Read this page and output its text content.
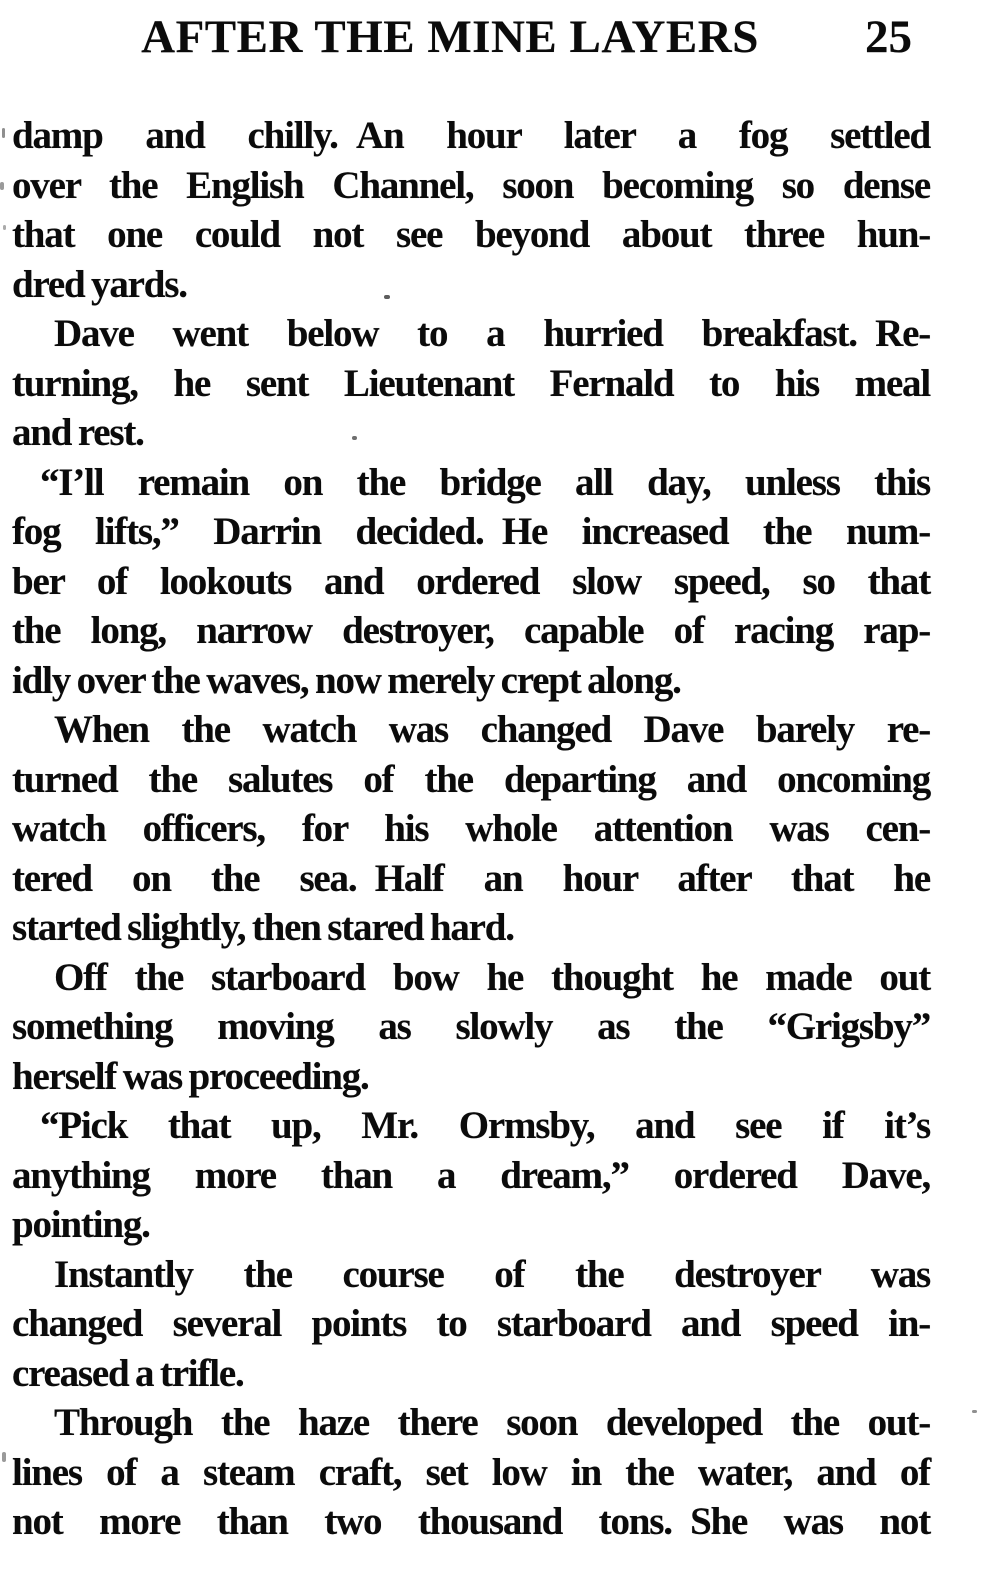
AFTER THE MINE LAYERS	25
damp and chilly. An hour later a fog settled
over the English Channel, soon becoming so dense
that one could not see beyond about three hun-
dred yards.
Dave went below to a hurried breakfast. Re-
turning, he sent Lieutenant Fernald to his meal
and rest.
“I’ll remain on the bridge all day, unless this
fog lifts,” Darrin decided. He increased the num-
ber of lookouts and ordered slow speed, so that
the long, narrow destroyer, capable of racing rap-
idly over the waves, now merely crept along.
When the watch was changed Dave barely re-
turned the salutes of the departing and oncoming
watch officers, for his whole attention was cen-
tered on the sea. Half an hour after that he
started slightly, then stared hard.
Off the starboard bow he thought he made out
something moving as slowly as the “Grigsby”
herself was proceeding.
“Pick that up, Mr. Ormsby, and see if it’s
anything more than a dream,” ordered Dave,
pointing.
Instantly the course of the destroyer was
changed several points to starboard and speed in-
creased a trifle.
Through the haze there soon developed the out-
lines of a steam craft, set low in the water, and of
not more than two thousand tons. She was not
